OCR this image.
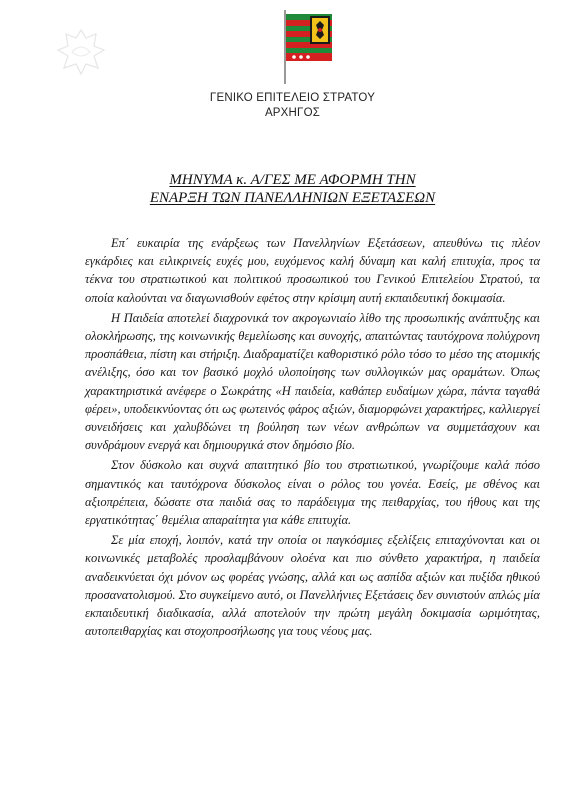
ΓΕΝΙΚΟ ΕΠΙΤΕΛΕΙΟ ΣΤΡΑΤΟΥ
ΑΡΧΗΓΟΣ
ΜΗΝΥΜΑ κ. Α/ΓΕΣ ΜΕ ΑΦΟΡΜΗ ΤΗΝ
ΕΝΑΡΞΗ ΤΩΝ ΠΑΝΕΛΛΗΝΙΩΝ ΕΞΕΤΑΣΕΩΝ

Επ΄ ευκαιρία της ενάρξεως των Πανελληνίων Εξετάσεων, απευθύνω τις πλέον εγκάρδιες και ειλικρινείς ευχές μου, ευχόμενος καλή δύναμη και καλή επιτυχία, προς τα τέκνα του στρατιωτικού και πολιτικού προσωπικού του Γενικού Επιτελείου Στρατού, τα οποία καλούνται να διαγωνισθούν εφέτος στην κρίσιμη αυτή εκπαιδευτική δοκιμασία.

Η Παιδεία αποτελεί διαχρονικά τον ακρογωνιαίο λίθο της προσωπικής ανάπτυξης και ολοκλήρωσης, της κοινωνικής θεμελίωσης και συνοχής, απαιτώντας ταυτόχρονα πολύχρονη προσπάθεια, πίστη και στήριξη. Διαδραματίζει καθοριστικό ρόλο τόσο το μέσο της ατομικής ανέλιξης, όσο και τον βασικό μοχλό υλοποίησης των συλλογικών μας οραμάτων. Όπως χαρακτηριστικά ανέφερε ο Σωκράτης «Η παιδεία, καθάπερ ευδαίμων χώρα, πάντα ταγαθά φέρει», υποδεικνύοντας ότι ως φωτεινός φάρος αξιών, διαμορφώνει χαρακτήρες, καλλιεργεί συνειδήσεις και χαλυβδώνει τη βούληση των νέων ανθρώπων να συμμετάσχουν και συνδράμουν ενεργά και δημιουργικά στον δημόσιο βίο.

Στον δύσκολο και συχνά απαιτητικό βίο του στρατιωτικού, γνωρίζουμε καλά πόσο σημαντικός και ταυτόχρονα δύσκολος είναι ο ρόλος του γονέα. Εσείς, με σθένος και αξιοπρέπεια, δώσατε στα παιδιά σας το παράδειγμα της πειθαρχίας, του ήθους και της εργατικότητας΄ θεμέλια απαραίτητα για κάθε επιτυχία.

Σε μία εποχή, λοιπόν, κατά την οποία οι παγκόσμιες εξελίξεις επιταχύνονται και οι κοινωνικές μεταβολές προσλαμβάνουν ολοένα και πιο σύνθετο χαρακτήρα, η παιδεία αναδεικνύεται όχι μόνον ως φορέας γνώσης, αλλά και ως ασπίδα αξιών και πυξίδα ηθικού προσανατολισμού. Στο συγκείμενο αυτό, οι Πανελλήνιες Εξετάσεις δεν συνιστούν απλώς μία εκπαιδευτική διαδικασία, αλλά αποτελούν την πρώτη μεγάλη δοκιμασία ωριμότητας, αυτοπειθαρχίας και στοχοπροσήλωσης για τους νέους μας.
